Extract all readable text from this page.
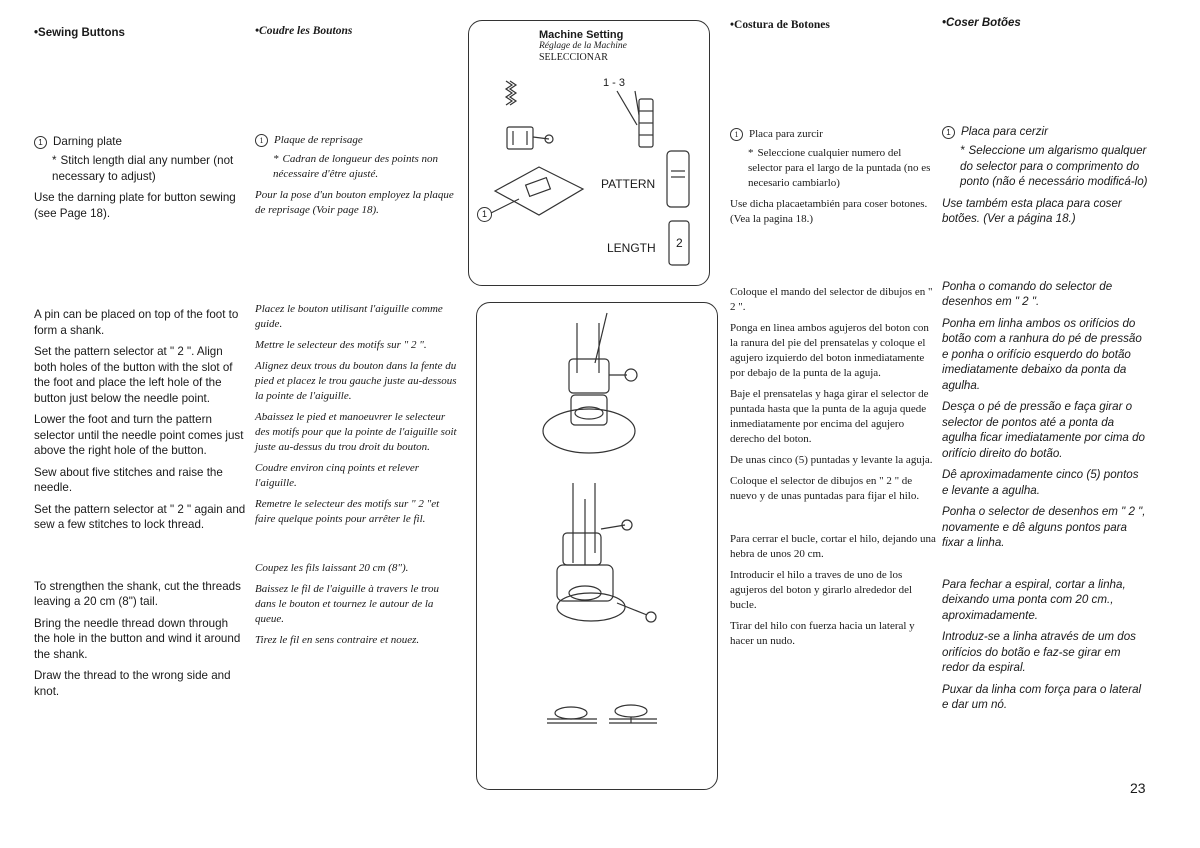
•Sewing Buttons

1 Darning plate

* Stitch length dial any number (not necessary to adjust)

Use the darning plate for button sewing (see Page 18).

A pin can be placed on top of the foot to form a shank.

Set the pattern selector at " 2 ". Align both holes of the button with the slot of the foot and place the left hole of the button just below the needle point.

Lower the foot and turn the pattern selector until the needle point comes just above the right hole of the button.

Sew about five stitches and raise the needle.

Set the pattern selector at " 2 " again and sew a few stitches to lock thread.

To strengthen the shank, cut the threads leaving a 20 cm (8") tail.

Bring the needle thread down through the hole in the button and wind it around the shank.

Draw the thread to the wrong side and knot.

•Coudre les Boutons

1 Plaque de reprisage

* Cadran de longueur des points non nécessaire d'être ajusté.

Pour la pose d'un bouton employez la plaque de reprisage (Voir page 18).

Placez le bouton utilisant l'aiguille comme guide.

Mettre le selecteur des motifs sur " 2 ".

Alignez deux trous du bouton dans la fente du pied et placez le trou gauche juste au-dessous la pointe de l'aiguille.

Abaissez le pied et manoeuvrer le selecteur des motifs pour que la pointe de l'aiguille soit juste au-dessus du trou droit du bouton.

Coudre environ cinq points et relever l'aiguille.

Remetre le selecteur des motifs sur " 2 "et faire quelque points pour arrêter le fil.

Coupez les fils laissant 20 cm (8").

Baissez le fil de l'aiguille à travers le trou dans le bouton et tournez le autour de la queue.

Tirez le fil en sens contraire et nouez.

Machine Setting
Réglage de la Machine
SELECCIONAR
1 - 3
PATTERN
LENGTH 2
1
•Costura de Botones

1 Placa para zurcir

* Seleccione cualquier numero del selector para el largo de la puntada (no es necesario cambiarlo)

Use dicha placaetambién para coser botones. (Vea la pagina 18.)

Coloque el mando del selector de dibujos en " 2 ".

Ponga en linea ambos agujeros del boton con la ranura del pie del prensatelas y coloque el agujero izquierdo del boton inmediatamente por debajo de la punta de la aguja.

Baje el prensatelas y haga girar el selector de puntada hasta que la punta de la aguja quede inmediatamente por encima del agujero derecho del boton.

De unas cinco (5) puntadas y levante la aguja.

Coloque el selector de dibujos en " 2 " de nuevo y de unas puntadas para fijar el hilo.

Para cerrar el bucle, cortar el hilo, dejando una hebra de unos 20 cm.

Introducir el hilo a traves de uno de los agujeros del boton y girarlo alrededor del bucle.

Tirar del hilo con fuerza hacia un lateral y hacer un nudo.

•Coser Botões

1 Placa para cerzir

* Seleccione um algarismo qualquer do selector para o comprimento do ponto (não é necessário modificá-lo)

Use também esta placa para coser botões. (Ver a página 18.)

Ponha o comando do selector de desenhos em " 2 ".

Ponha em linha ambos os orifícios do botão com a ranhura do pé de pressão e ponha o orifício esquerdo do botão imediatamente debaixo da ponta da agulha.

Desça o pé de pressão e faça girar o selector de pontos até a ponta da agulha ficar imediatamente por cima do orifício direito do botão.

Dê aproximadamente cinco (5) pontos e levante a agulha.

Ponha o selector de desenhos em " 2 ", novamente e dê alguns pontos para fixar a linha.

Para fechar a espiral, cortar a linha, deixando uma ponta com 20 cm., aproximadamente.

Introduz-se a linha através de um dos orifícios do botão e faz-se girar em redor da espiral.

Puxar da linha com força para o lateral e dar um nó.

23
